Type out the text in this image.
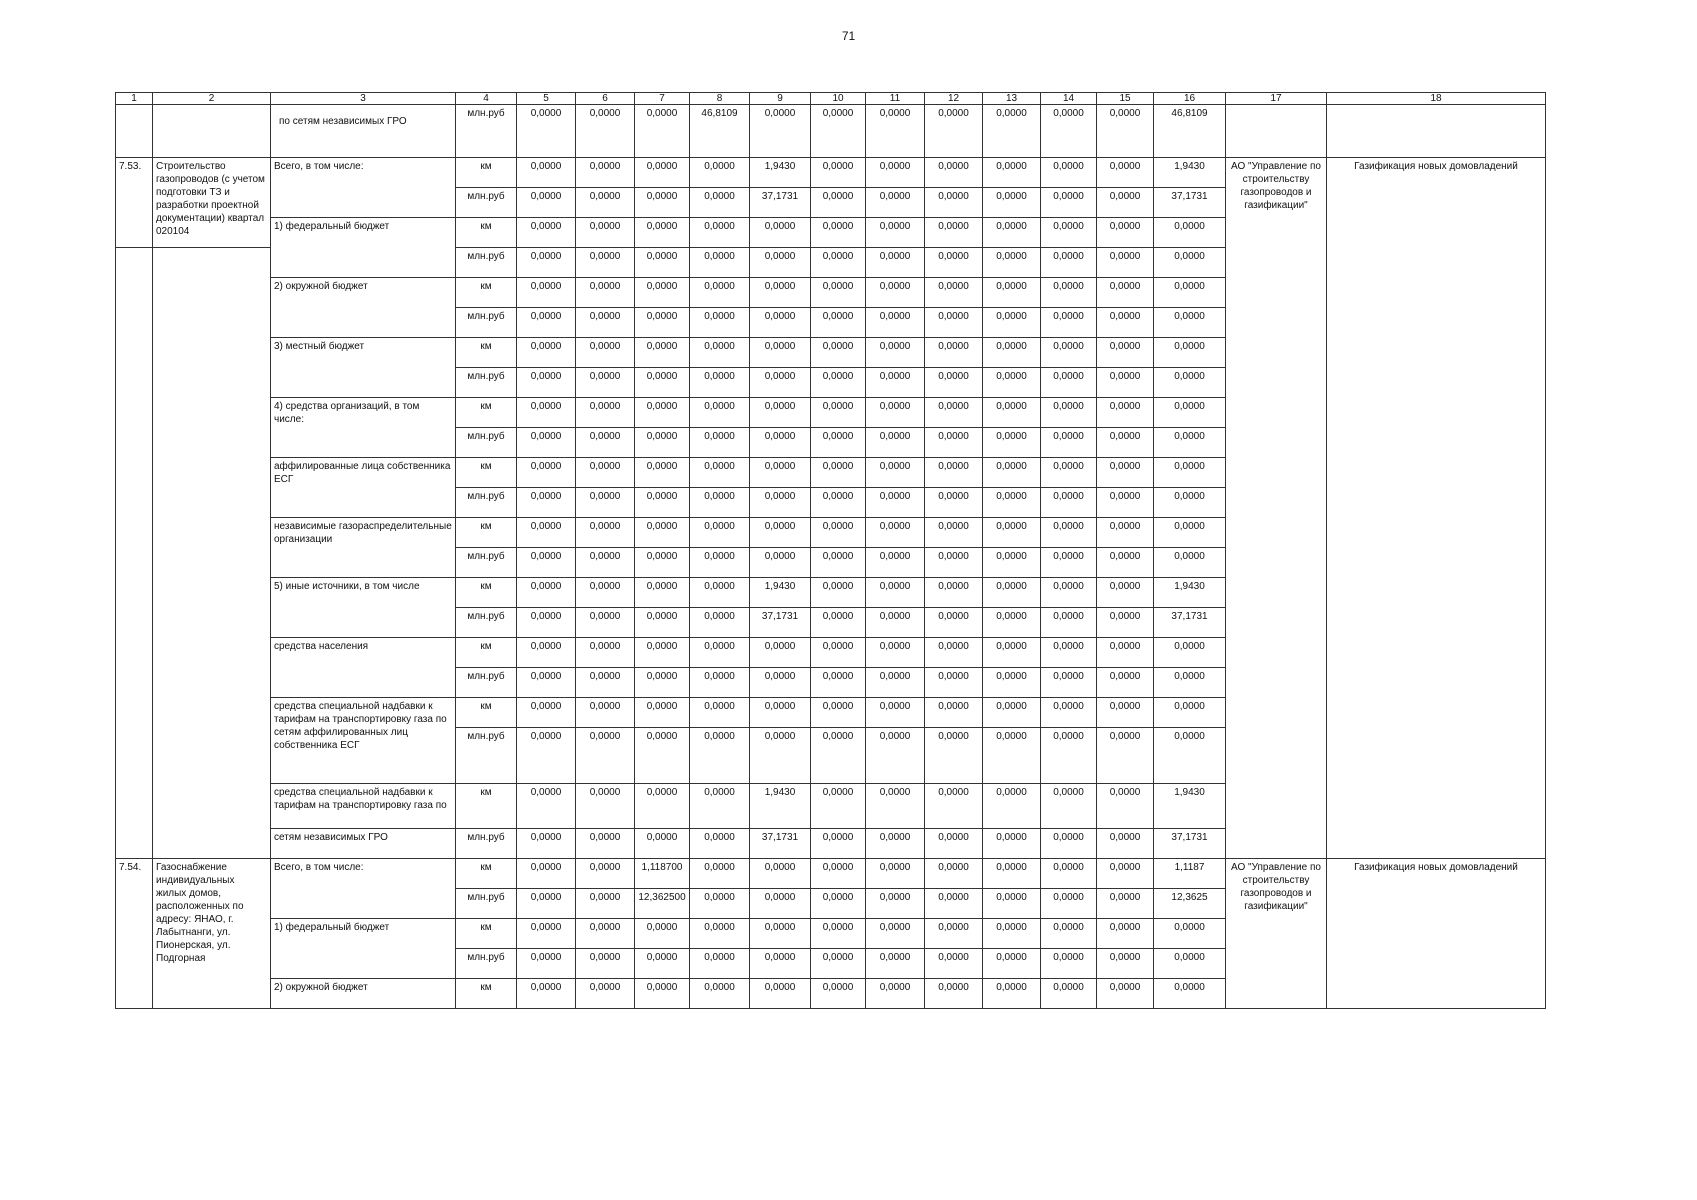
71
1	2	3	4	5	6	7	8	9	10	11	12	13	14	15	16	17	18
		по сетям независимых ГРО	млн.руб	0,0000	0,0000	0,0000	46,8109	0,0000	0,0000	0,0000	0,0000	0,0000	0,0000	0,0000	46,8109		
7.53.	Строительство газопроводов (с учетом подготовки ТЗ и разработки проектной документации) квартал 020104	Всего, в том числе:	км	0,0000	0,0000	0,0000	0,0000	1,9430	0,0000	0,0000	0,0000	0,0000	0,0000	0,0000	1,9430	АО "Управление по строительству газопроводов и газификации"	Газификация новых домовладений
			млн.руб	0,0000	0,0000	0,0000	0,0000	37,1731	0,0000	0,0000	0,0000	0,0000	0,0000	0,0000	37,1731		
		1) федеральный бюджет	км	0,0000	0,0000	0,0000	0,0000	0,0000	0,0000	0,0000	0,0000	0,0000	0,0000	0,0000	0,0000		
			млн.руб	0,0000	0,0000	0,0000	0,0000	0,0000	0,0000	0,0000	0,0000	0,0000	0,0000	0,0000	0,0000		
		2) окружной бюджет	км	0,0000	0,0000	0,0000	0,0000	0,0000	0,0000	0,0000	0,0000	0,0000	0,0000	0,0000	0,0000		
			млн.руб	0,0000	0,0000	0,0000	0,0000	0,0000	0,0000	0,0000	0,0000	0,0000	0,0000	0,0000	0,0000		
		3) местный бюджет	км	0,0000	0,0000	0,0000	0,0000	0,0000	0,0000	0,0000	0,0000	0,0000	0,0000	0,0000	0,0000		
			млн.руб	0,0000	0,0000	0,0000	0,0000	0,0000	0,0000	0,0000	0,0000	0,0000	0,0000	0,0000	0,0000		
		4) средства организаций, в том числе:	км	0,0000	0,0000	0,0000	0,0000	0,0000	0,0000	0,0000	0,0000	0,0000	0,0000	0,0000	0,0000		
			млн.руб	0,0000	0,0000	0,0000	0,0000	0,0000	0,0000	0,0000	0,0000	0,0000	0,0000	0,0000	0,0000		
		аффилированные лица собственника ЕСГ	км	0,0000	0,0000	0,0000	0,0000	0,0000	0,0000	0,0000	0,0000	0,0000	0,0000	0,0000	0,0000		
			млн.руб	0,0000	0,0000	0,0000	0,0000	0,0000	0,0000	0,0000	0,0000	0,0000	0,0000	0,0000	0,0000		
		независимые газораспределительные организации	км	0,0000	0,0000	0,0000	0,0000	0,0000	0,0000	0,0000	0,0000	0,0000	0,0000	0,0000	0,0000		
			млн.руб	0,0000	0,0000	0,0000	0,0000	0,0000	0,0000	0,0000	0,0000	0,0000	0,0000	0,0000	0,0000		
		5) иные источники, в том числе	км	0,0000	0,0000	0,0000	0,0000	1,9430	0,0000	0,0000	0,0000	0,0000	0,0000	0,0000	1,9430		
			млн.руб	0,0000	0,0000	0,0000	0,0000	37,1731	0,0000	0,0000	0,0000	0,0000	0,0000	0,0000	37,1731		
		средства населения	км	0,0000	0,0000	0,0000	0,0000	0,0000	0,0000	0,0000	0,0000	0,0000	0,0000	0,0000	0,0000		
			млн.руб	0,0000	0,0000	0,0000	0,0000	0,0000	0,0000	0,0000	0,0000	0,0000	0,0000	0,0000	0,0000		
		средства специальной надбавки к тарифам на транспортировку газа по сетям аффилированных лиц собственника ЕСГ	км	0,0000	0,0000	0,0000	0,0000	0,0000	0,0000	0,0000	0,0000	0,0000	0,0000	0,0000	0,0000		
			млн.руб	0,0000	0,0000	0,0000	0,0000	0,0000	0,0000	0,0000	0,0000	0,0000	0,0000	0,0000	0,0000		
		средства специальной надбавки к тарифам на транспортировку газа по	км	0,0000	0,0000	0,0000	0,0000	1,9430	0,0000	0,0000	0,0000	0,0000	0,0000	0,0000	1,9430		
		сетям независимых ГРО	млн.руб	0,0000	0,0000	0,0000	0,0000	37,1731	0,0000	0,0000	0,0000	0,0000	0,0000	0,0000	37,1731		
7.54.	Газоснабжение индивидуальных жилых домов, расположенных по адресу: ЯНАО, г. Лабытнанги, ул. Пионерская, ул. Подгорная	Всего, в том числе:	км	0,0000	0,0000	1,118700	0,0000	0,0000	0,0000	0,0000	0,0000	0,0000	0,0000	0,0000	1,1187	АО "Управление по строительству газопроводов и газификации"	Газификация новых домовладений
			млн.руб	0,0000	0,0000	12,362500	0,0000	0,0000	0,0000	0,0000	0,0000	0,0000	0,0000	0,0000	12,3625		
		1) федеральный бюджет	км	0,0000	0,0000	0,0000	0,0000	0,0000	0,0000	0,0000	0,0000	0,0000	0,0000	0,0000	0,0000		
			млн.руб	0,0000	0,0000	0,0000	0,0000	0,0000	0,0000	0,0000	0,0000	0,0000	0,0000	0,0000	0,0000		
		2) окружной бюджет	км	0,0000	0,0000	0,0000	0,0000	0,0000	0,0000	0,0000	0,0000	0,0000	0,0000	0,0000	0,0000		
